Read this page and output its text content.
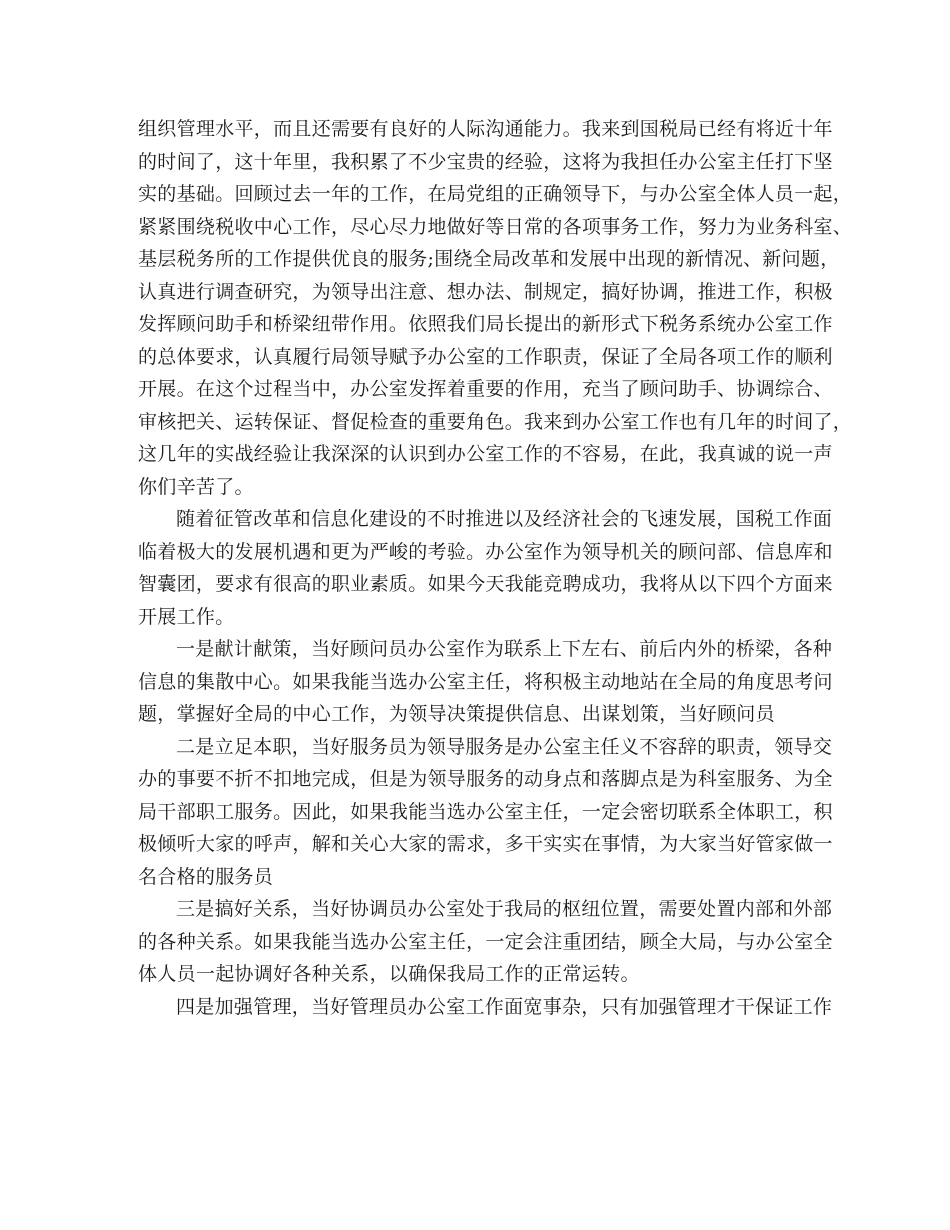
组织管理水平，而且还需要有良好的人际沟通能力。我来到国税局已经有将近十年
的时间了，这十年里，我积累了不少宝贵的经验，这将为我担任办公室主任打下坚
实的基础。回顾过去一年的工作，在局党组的正确领导下，与办公室全体人员一起，
紧紧围绕税收中心工作，尽心尽力地做好等日常的各项事务工作，努力为业务科室、
基层税务所的工作提供优良的服务;围绕全局改革和发展中出现的新情况、新问题，
认真进行调查研究，为领导出注意、想办法、制规定，搞好协调，推进工作，积极
发挥顾问助手和桥梁纽带作用。依照我们局长提出的新形式下税务系统办公室工作
的总体要求，认真履行局领导赋予办公室的工作职责，保证了全局各项工作的顺利
开展。在这个过程当中，办公室发挥着重要的作用，充当了顾问助手、协调综合、
审核把关、运转保证、督促检查的重要角色。我来到办公室工作也有几年的时间了，
这几年的实战经验让我深深的认识到办公室工作的不容易，在此，我真诚的说一声
你们辛苦了。
随着征管改革和信息化建设的不时推进以及经济社会的飞速发展，国税工作面
临着极大的发展机遇和更为严峻的考验。办公室作为领导机关的顾问部、信息库和
智囊团，要求有很高的职业素质。如果今天我能竞聘成功，我将从以下四个方面来
开展工作。
一是献计献策，当好顾问员办公室作为联系上下左右、前后内外的桥梁，各种
信息的集散中心。如果我能当选办公室主任，将积极主动地站在全局的角度思考问
题，掌握好全局的中心工作，为领导决策提供信息、出谋划策，当好顾问员
二是立足本职，当好服务员为领导服务是办公室主任义不容辞的职责，领导交
办的事要不折不扣地完成，但是为领导服务的动身点和落脚点是为科室服务、为全
局干部职工服务。因此，如果我能当选办公室主任，一定会密切联系全体职工，积
极倾听大家的呼声，解和关心大家的需求，多干实实在事情，为大家当好管家做一
名合格的服务员
三是搞好关系，当好协调员办公室处于我局的枢纽位置，需要处置内部和外部
的各种关系。如果我能当选办公室主任，一定会注重团结，顾全大局，与办公室全
体人员一起协调好各种关系，以确保我局工作的正常运转。
四是加强管理，当好管理员办公室工作面宽事杂，只有加强管理才干保证工作
